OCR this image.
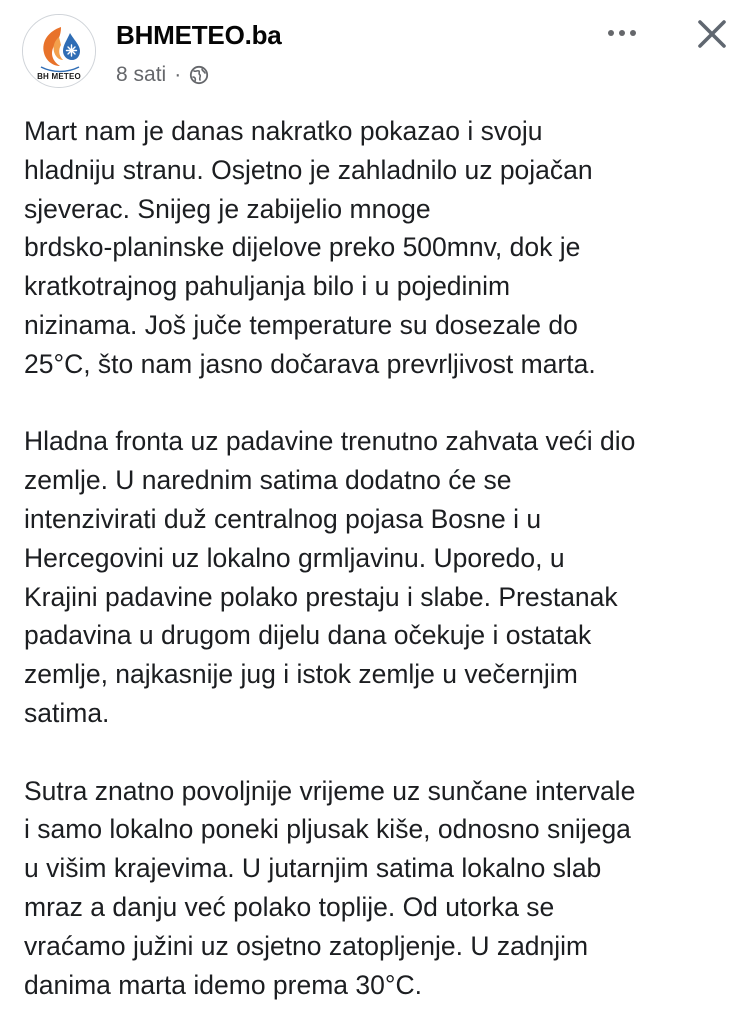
BH METEO
BHMETEO.ba
8 sati ·

Mart nam je danas nakratko pokazao i svoju
hladniju stranu. Osjetno je zahladnilo uz pojačan
sjeverac. Snijeg je zabijelio mnoge
brdsko-planinske dijelove preko 500mnv, dok je
kratkotrajnog pahuljanja bilo i u pojedinim
nizinama. Još juče temperature su dosezale do
25°C, što nam jasno dočarava prevrljivost marta.

Hladna fronta uz padavine trenutno zahvata veći dio
zemlje. U narednim satima dodatno će se
intenzivirati duž centralnog pojasa Bosne i u
Hercegovini uz lokalno grmljavinu. Uporedo, u
Krajini padavine polako prestaju i slabe. Prestanak
padavina u drugom dijelu dana očekuje i ostatak
zemlje, najkasnije jug i istok zemlje u večernjim
satima.

Sutra znatno povoljnije vrijeme uz sunčane intervale
i samo lokalno poneki pljusak kiše, odnosno snijega
u višim krajevima. U jutarnjim satima lokalno slab
mraz a danju već polako toplije. Od utorka se
vraćamo južini uz osjetno zatopljenje. U zadnjim
danima marta idemo prema 30°C.
